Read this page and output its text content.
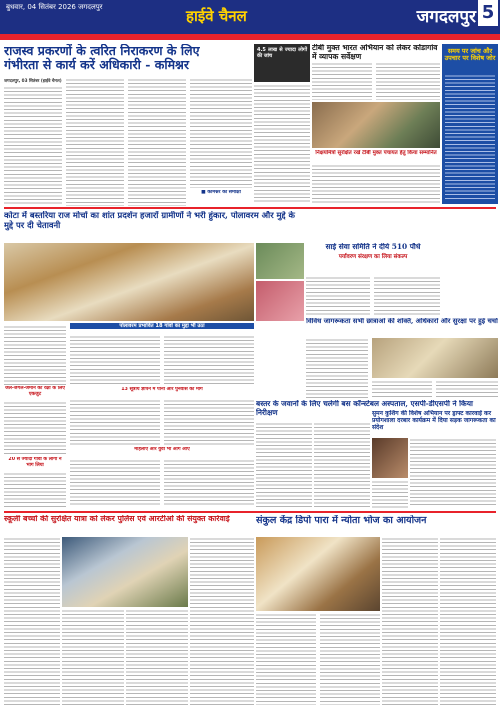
बुधवार, 04 सितंबर 2026 जगदलपुर	हाईवे चैनल	जगदलपुर 5
राजस्व प्रकरणों के त्वरित निराकरण के लिए
गंभीरता से कार्य करें अधिकारी - कमिश्नर
जगदलपुर, 03 सितंबर (हाईवे चैनल)
■ कमिश्नर की समीक्षा
4.5 लाख से ज्यादा लोगों की जांच
टीबी मुक्त भारत अभियान को लेकर कोंडागांव में व्यापक सर्वेक्षण
निक्षयमित्रों सुरक्षित रखें टीबी मुक्त पंचायत हेतु किया सम्मानित
समय पर जांच और उपचार पर विशेष जोर
कोटा में बस्तरिया राज मोर्चा का शांत प्रदर्शन हजारों ग्रामीणों ने भरी हुंकार, पोलावरम और मुद्दे के मुद्दे पर दी चेतावनी
जल-जंगल-जमीन की रक्षा के लिए एकजुट
20 से ज्यादा गांवों के लोगों ने भाग लिया
पोलावरम प्रभावित 18 गांवों का मुद्दा भी उठा
13 सूत्रीय ज्ञापन में पानी और पुनर्वास की मांग
महिलाएं और युवा भी आगे आए
साई सेवा समिति ने दीये 510 पौधे
पर्यावरण संरक्षण का लिया संकल्प
विविध जागरूकता सभी छात्राओं की शक्ति, अधिकारों और सुरक्षा पर हुई चर्चा
बस्तर के जवानों के लिए चलेगी बस कॉन्स्टेबल अस्पताल, एसपी-डीएसपी ने किया निरीक्षण	सुमन कुशिंग की विशेष अभियान पर ड्राफ्ट कारवाई कर प्रयोगशाला दरबार कार्यक्रम में दिया सड़क जागरूकता का संदेश
स्कूली बच्चों की सुरक्षित यात्रा को लेकर पुलिस एवं आरटीओ की संयुक्त कार्रवाई	संकुल केंद्र डिपो पारा में न्योता भोज का आयोजन
